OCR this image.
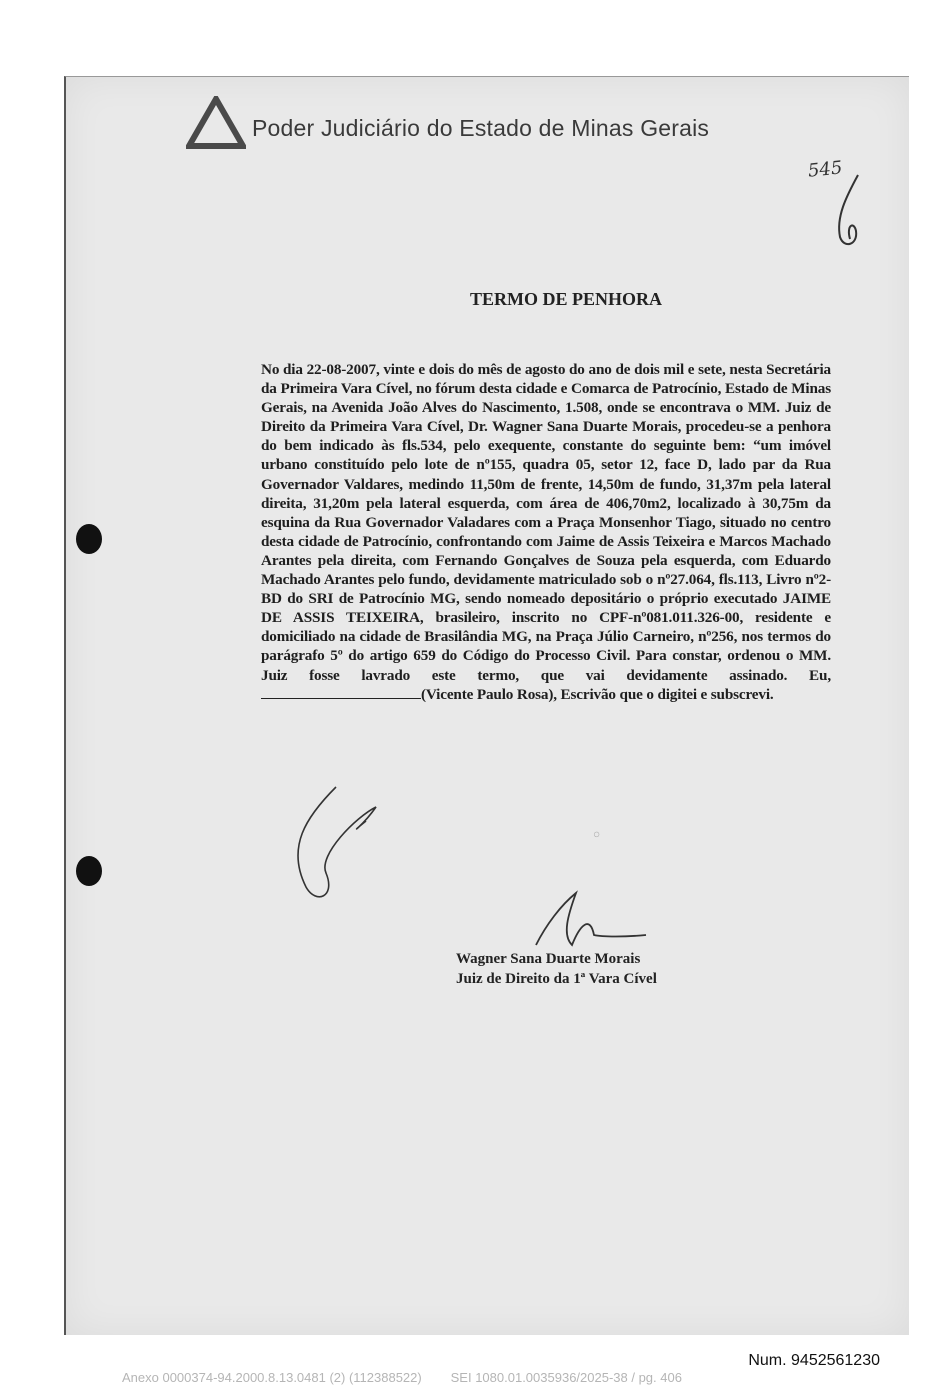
Poder Judiciário do Estado de Minas Gerais
545
TERMO DE PENHORA

No dia 22-08-2007, vinte e dois do mês de agosto do ano de dois mil e sete, nesta Secretária da Primeira Vara Cível, no fórum desta cidade e Comarca de Patrocínio, Estado de Minas Gerais, na Avenida João Alves do Nascimento, 1.508, onde se encontrava o MM. Juiz de Direito da Primeira Vara Cível, Dr. Wagner Sana Duarte Morais, procedeu-se a penhora do bem indicado às fls.534, pelo exequente, constante do seguinte bem: “um imóvel urbano constituído pelo lote de nº155, quadra 05, setor 12, face D, lado par da Rua Governador Valdares, medindo 11,50m de frente, 14,50m de fundo, 31,37m pela lateral direita, 31,20m pela lateral esquerda, com área de 406,70m2, localizado à 30,75m da esquina da Rua Governador Valadares com a Praça Monsenhor Tiago, situado no centro desta cidade de Patrocínio, confrontando com Jaime de Assis Teixeira e Marcos Machado Arantes pela direita, com Fernando Gonçalves de Souza pela esquerda, com Eduardo Machado Arantes pelo fundo, devidamente matriculado sob o nº27.064, fls.113, Livro nº2-BD do SRI de Patrocínio MG, sendo nomeado depositário o próprio executado JAIME DE ASSIS TEIXEIRA, brasileiro, inscrito no CPF-nº081.011.326-00, residente e domiciliado na cidade de Brasilândia MG, na Praça Júlio Carneiro, nº256, nos termos do parágrafo 5º do artigo 659 do Código do Processo Civil. Para constar, ordenou o MM. Juiz fosse lavrado este termo, que vai devidamente assinado. Eu, (Vicente Paulo Rosa), Escrivão que o digitei e subscrevi.

○
Wagner Sana Duarte Morais
Juiz de Direito da 1ª Vara Cível
Num. 9452561230
Anexo 0000374-94.2000.8.13.0481 (2) (112388522) SEI 1080.01.0035936/2025-38 / pg. 406
